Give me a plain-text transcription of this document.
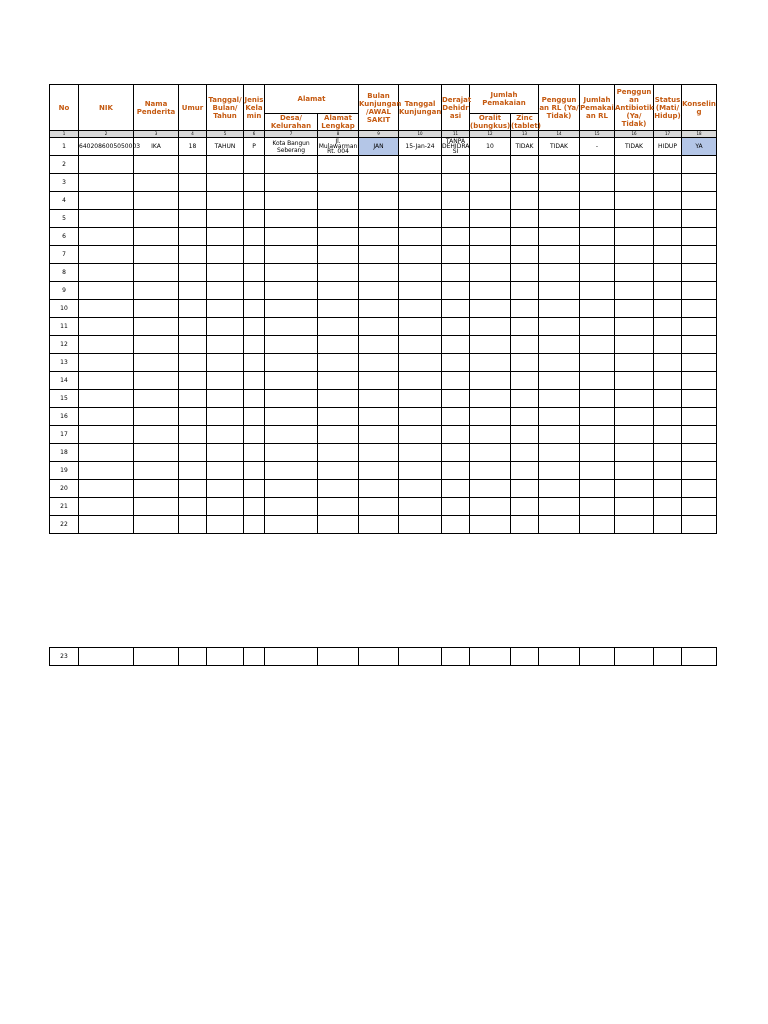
No	NIK	Nama Penderita	Umur	Tanggal/ Bulan/ Tahun	Jenis Kela min	Alamat		Bulan Kunjungan /AWAL SAKIT	Tanggal Kunjungan	Derajat Dehidr asi	Jumlah Pemakaian		Penggun an RL (Ya/ Tidak)	Jumlah Pemakai an RL	Penggun an Antibiotik (Ya/ Tidak)	Status (Mati/ Hidup)	Konselin g
						Desa/ Kelurahan	Alamat Lengkap				Oralit (bungkus)	Zinc (tablet)					
1	2	3	4	5	6	7	8	9	10	11	12	13	14	15	16	17	18
1	6402086005050003	IKA	18	TAHUN	P	Kota Bangun Seberang	Jl. Mulawarman Rt. 004	JAN	15-Jan-24	TANPA DEHIDRA SI	10	TIDAK	TIDAK	-	TIDAK	HIDUP	YA
2																	
3																	
4																	
5																	
6																	
7																	
8																	
9																	
10																	
11																	
12																	
13																	
14																	
15																	
16																	
17																	
18																	
19																	
20																	
21																	
22																	
23																	
